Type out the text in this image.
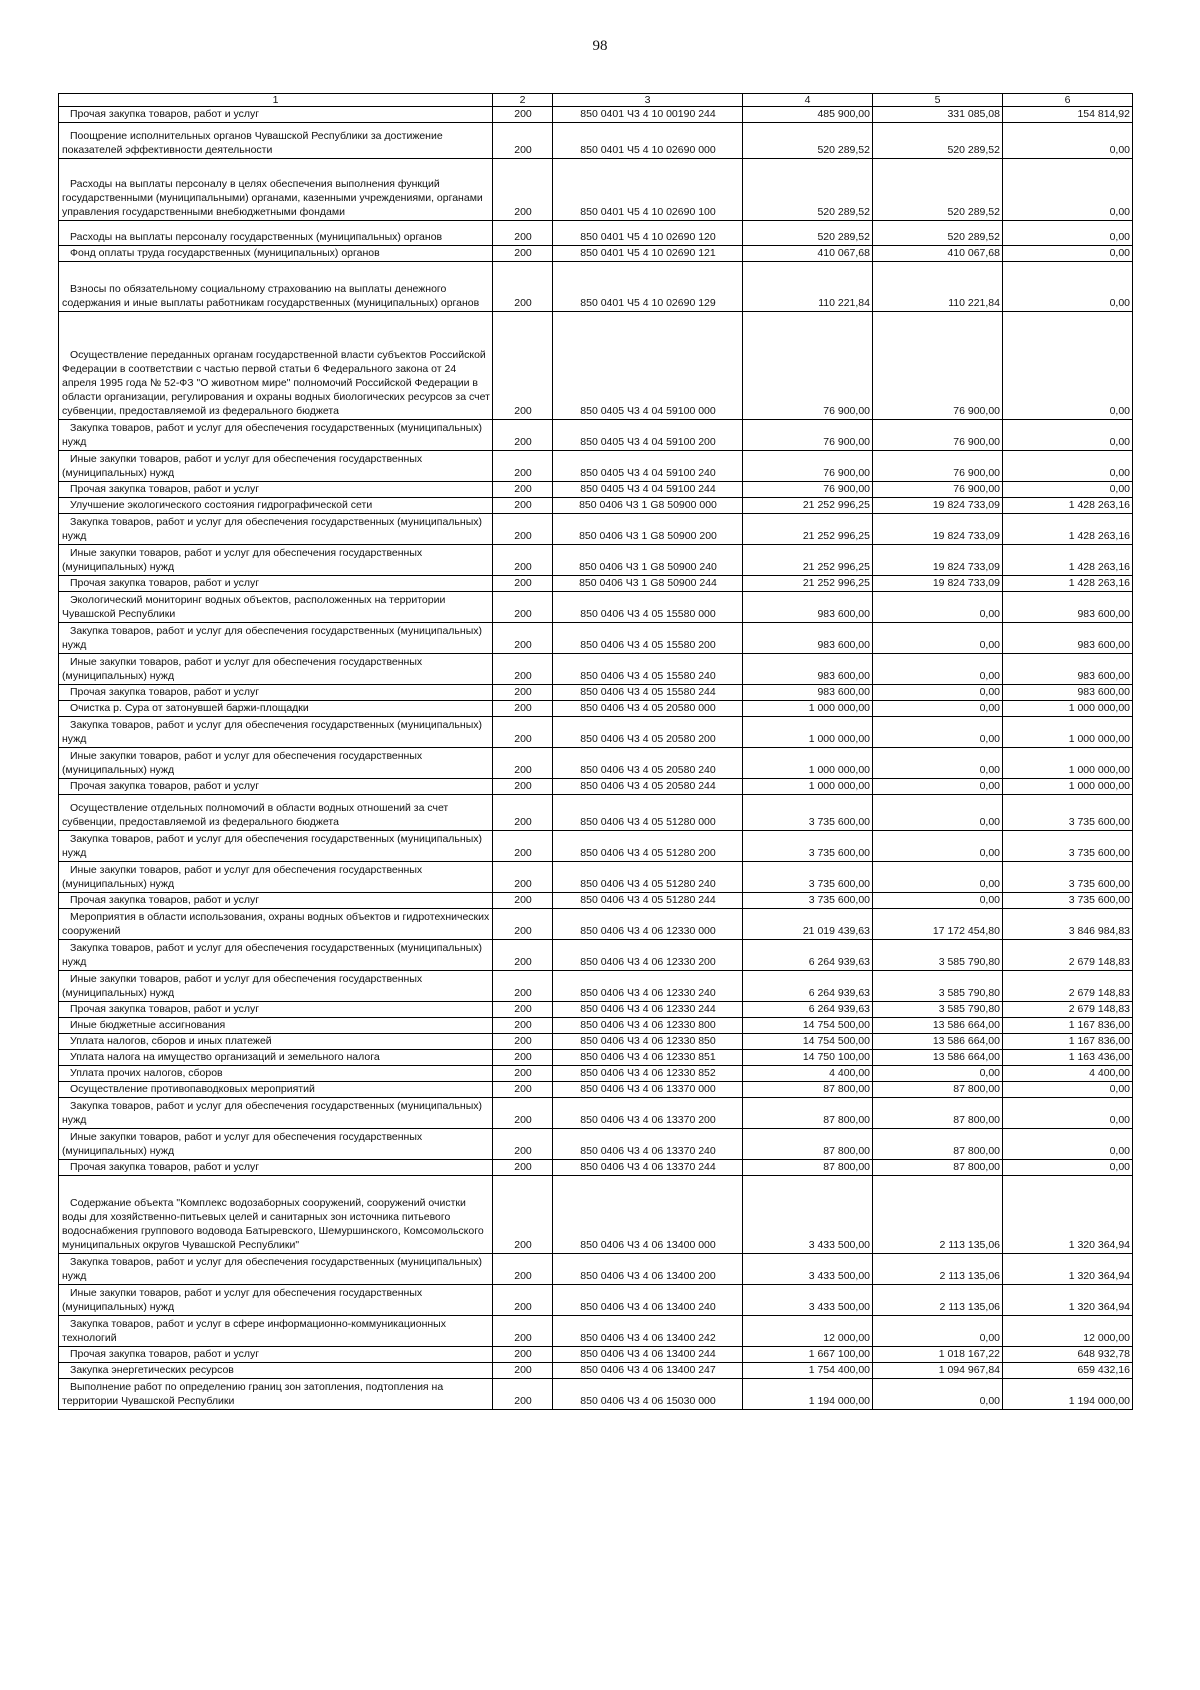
98
1	2	3	4	5	6
Прочая закупка товаров, работ и услуг	200	850 0401 Ч3 4 10 00190 244	485 900,00	331 085,08	154 814,92
Поощрение исполнительных органов Чувашской Республики за достижение показателей эффективности деятельности	200	850 0401 Ч5 4 10 02690 000	520 289,52	520 289,52	0,00
Расходы на выплаты персоналу в целях обеспечения выполнения функций государственными (муниципальными) органами, казенными учреждениями, органами управления государственными внебюджетными фондами	200	850 0401 Ч5 4 10 02690 100	520 289,52	520 289,52	0,00
Расходы на выплаты персоналу государственных (муниципальных) органов	200	850 0401 Ч5 4 10 02690 120	520 289,52	520 289,52	0,00
Фонд оплаты труда государственных (муниципальных) органов	200	850 0401 Ч5 4 10 02690 121	410 067,68	410 067,68	0,00
Взносы по обязательному социальному страхованию на выплаты денежного содержания и иные выплаты работникам государственных (муниципальных) органов	200	850 0401 Ч5 4 10 02690 129	110 221,84	110 221,84	0,00
Осуществление переданных органам государственной власти субъектов Российской Федерации в соответствии с частью первой статьи 6 Федерального закона от 24 апреля 1995 года № 52-ФЗ "О животном мире" полномочий Российской Федерации в области организации, регулирования и охраны водных биологических ресурсов за счет субвенции, предоставляемой из федерального бюджета	200	850 0405 Ч3 4 04 59100 000	76 900,00	76 900,00	0,00
Закупка товаров, работ и услуг для обеспечения государственных (муниципальных) нужд	200	850 0405 Ч3 4 04 59100 200	76 900,00	76 900,00	0,00
Иные закупки товаров, работ и услуг для обеспечения государственных (муниципальных) нужд	200	850 0405 Ч3 4 04 59100 240	76 900,00	76 900,00	0,00
Прочая закупка товаров, работ и услуг	200	850 0405 Ч3 4 04 59100 244	76 900,00	76 900,00	0,00
Улучшение экологического состояния гидрографической сети	200	850 0406 Ч3 1 G8 50900 000	21 252 996,25	19 824 733,09	1 428 263,16
Закупка товаров, работ и услуг для обеспечения государственных (муниципальных) нужд	200	850 0406 Ч3 1 G8 50900 200	21 252 996,25	19 824 733,09	1 428 263,16
Иные закупки товаров, работ и услуг для обеспечения государственных (муниципальных) нужд	200	850 0406 Ч3 1 G8 50900 240	21 252 996,25	19 824 733,09	1 428 263,16
Прочая закупка товаров, работ и услуг	200	850 0406 Ч3 1 G8 50900 244	21 252 996,25	19 824 733,09	1 428 263,16
Экологический мониторинг водных объектов, расположенных на территории Чувашской Республики	200	850 0406 Ч3 4 05 15580 000	983 600,00	0,00	983 600,00
Закупка товаров, работ и услуг для обеспечения государственных (муниципальных) нужд	200	850 0406 Ч3 4 05 15580 200	983 600,00	0,00	983 600,00
Иные закупки товаров, работ и услуг для обеспечения государственных (муниципальных) нужд	200	850 0406 Ч3 4 05 15580 240	983 600,00	0,00	983 600,00
Прочая закупка товаров, работ и услуг	200	850 0406 Ч3 4 05 15580 244	983 600,00	0,00	983 600,00
Очистка р. Сура от затонувшей баржи-площадки	200	850 0406 Ч3 4 05 20580 000	1 000 000,00	0,00	1 000 000,00
Закупка товаров, работ и услуг для обеспечения государственных (муниципальных) нужд	200	850 0406 Ч3 4 05 20580 200	1 000 000,00	0,00	1 000 000,00
Иные закупки товаров, работ и услуг для обеспечения государственных (муниципальных) нужд	200	850 0406 Ч3 4 05 20580 240	1 000 000,00	0,00	1 000 000,00
Прочая закупка товаров, работ и услуг	200	850 0406 Ч3 4 05 20580 244	1 000 000,00	0,00	1 000 000,00
Осуществление отдельных полномочий в области водных отношений за счет субвенции, предоставляемой из федерального бюджета	200	850 0406 Ч3 4 05 51280 000	3 735 600,00	0,00	3 735 600,00
Закупка товаров, работ и услуг для обеспечения государственных (муниципальных) нужд	200	850 0406 Ч3 4 05 51280 200	3 735 600,00	0,00	3 735 600,00
Иные закупки товаров, работ и услуг для обеспечения государственных (муниципальных) нужд	200	850 0406 Ч3 4 05 51280 240	3 735 600,00	0,00	3 735 600,00
Прочая закупка товаров, работ и услуг	200	850 0406 Ч3 4 05 51280 244	3 735 600,00	0,00	3 735 600,00
Мероприятия в области использования, охраны водных объектов и гидротехнических сооружений	200	850 0406 Ч3 4 06 12330 000	21 019 439,63	17 172 454,80	3 846 984,83
Закупка товаров, работ и услуг для обеспечения государственных (муниципальных) нужд	200	850 0406 Ч3 4 06 12330 200	6 264 939,63	3 585 790,80	2 679 148,83
Иные закупки товаров, работ и услуг для обеспечения государственных (муниципальных) нужд	200	850 0406 Ч3 4 06 12330 240	6 264 939,63	3 585 790,80	2 679 148,83
Прочая закупка товаров, работ и услуг	200	850 0406 Ч3 4 06 12330 244	6 264 939,63	3 585 790,80	2 679 148,83
Иные бюджетные ассигнования	200	850 0406 Ч3 4 06 12330 800	14 754 500,00	13 586 664,00	1 167 836,00
Уплата налогов, сборов и иных платежей	200	850 0406 Ч3 4 06 12330 850	14 754 500,00	13 586 664,00	1 167 836,00
Уплата налога на имущество организаций и земельного налога	200	850 0406 Ч3 4 06 12330 851	14 750 100,00	13 586 664,00	1 163 436,00
Уплата прочих налогов, сборов	200	850 0406 Ч3 4 06 12330 852	4 400,00	0,00	4 400,00
Осуществление противопаводковых мероприятий	200	850 0406 Ч3 4 06 13370 000	87 800,00	87 800,00	0,00
Закупка товаров, работ и услуг для обеспечения государственных (муниципальных) нужд	200	850 0406 Ч3 4 06 13370 200	87 800,00	87 800,00	0,00
Иные закупки товаров, работ и услуг для обеспечения государственных (муниципальных) нужд	200	850 0406 Ч3 4 06 13370 240	87 800,00	87 800,00	0,00
Прочая закупка товаров, работ и услуг	200	850 0406 Ч3 4 06 13370 244	87 800,00	87 800,00	0,00
Содержание объекта "Комплекс водозаборных сооружений, сооружений очистки воды для хозяйственно-питьевых целей и санитарных зон источника питьевого водоснабжения группового водовода Батыревского, Шемуршинского, Комсомольского муниципальных округов Чувашской Республики"	200	850 0406 Ч3 4 06 13400 000	3 433 500,00	2 113 135,06	1 320 364,94
Закупка товаров, работ и услуг для обеспечения государственных (муниципальных) нужд	200	850 0406 Ч3 4 06 13400 200	3 433 500,00	2 113 135,06	1 320 364,94
Иные закупки товаров, работ и услуг для обеспечения государственных (муниципальных) нужд	200	850 0406 Ч3 4 06 13400 240	3 433 500,00	2 113 135,06	1 320 364,94
Закупка товаров, работ и услуг в сфере информационно-коммуникационных технологий	200	850 0406 Ч3 4 06 13400 242	12 000,00	0,00	12 000,00
Прочая закупка товаров, работ и услуг	200	850 0406 Ч3 4 06 13400 244	1 667 100,00	1 018 167,22	648 932,78
Закупка энергетических ресурсов	200	850 0406 Ч3 4 06 13400 247	1 754 400,00	1 094 967,84	659 432,16
Выполнение работ по определению границ зон затопления, подтопления на территории Чувашской Республики	200	850 0406 Ч3 4 06 15030 000	1 194 000,00	0,00	1 194 000,00
